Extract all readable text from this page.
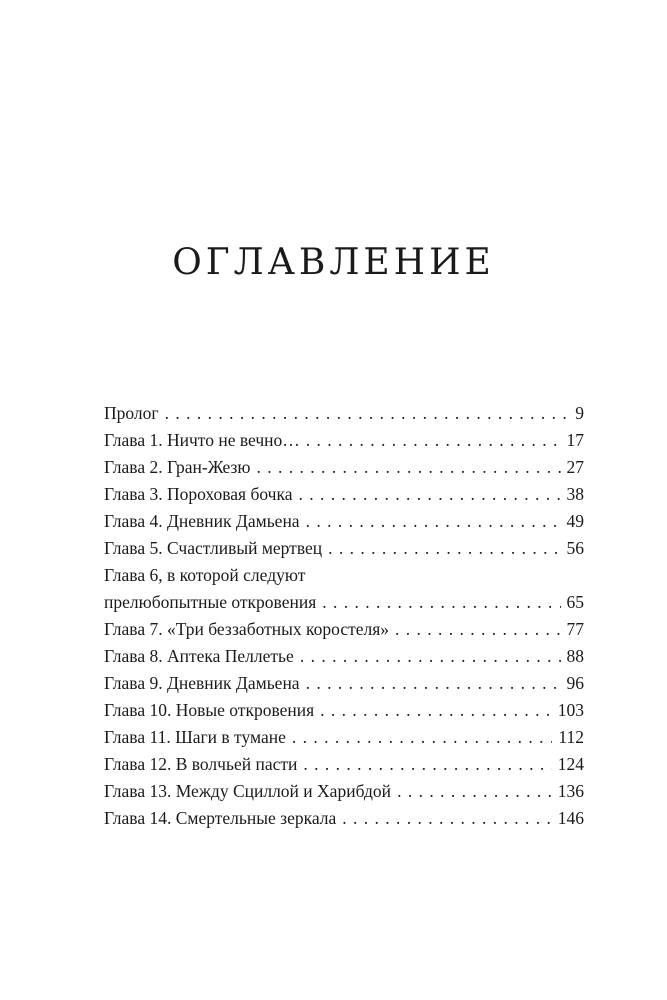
ОГЛАВЛЕНИЕ
Пролог . . .	9
Глава 1. Ничто не вечно… . . .	17
Глава 2. Гран-Жезю . . .	27
Глава 3. Пороховая бочка . . .	38
Глава 4. Дневник Дамьена . . .	49
Глава 5. Счастливый мертвец . . .	56
Глава 6, в которой следуют
прелюбопытные откровения . . .	65
Глава 7. «Три беззаботных коростеля» . . .	77
Глава 8. Аптека Пеллетье . . .	88
Глава 9. Дневник Дамьена . . .	96
Глава 10. Новые откровения . . .	103
Глава 11. Шаги в тумане . . .	112
Глава 12. В волчьей пасти . . .	124
Глава 13. Между Сциллой и Харибдой . . .	136
Глава 14. Смертельные зеркала . . .	146
